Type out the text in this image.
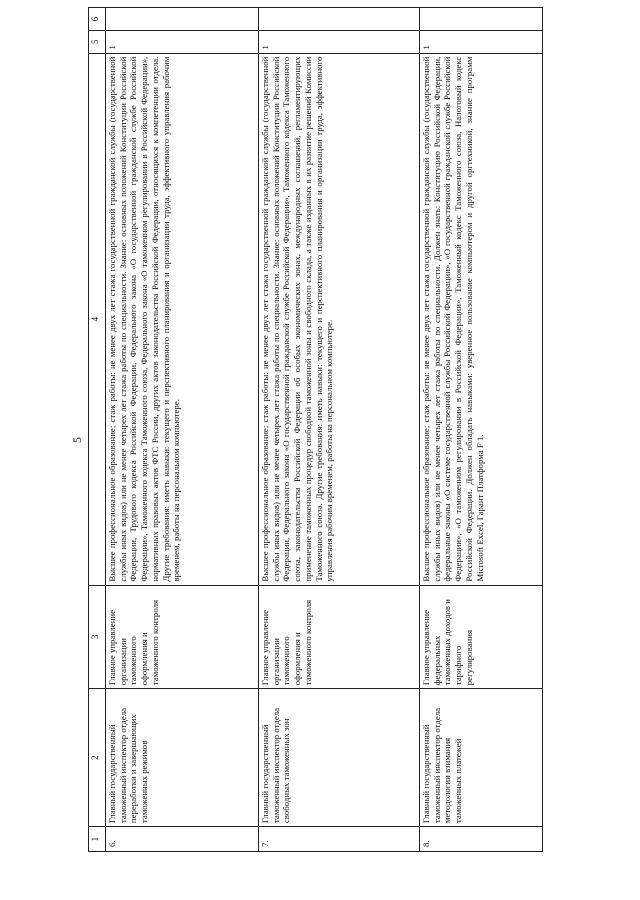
5
1	2	3	4	5	6
6.	Главный государственный таможенный инспектор отдела переработки и завершающих таможенных режимов	Главное управление организации таможенного оформления и таможенного контроля	Высшее профессиональное образование; стаж работы: не менее двух лет стажа государственной гражданской службы (государственной службы иных видов) или не менее четырех лет стажа работы по специальности. Знание: основных положений Конституции Российской Федерации, Трудового кодекса Российской Федерации, Федерального закона «О государственной гражданской службе Российской Федерации», Таможенного кодекса Таможенного союза, Федерального закона «О таможенном регулировании в Российской Федерации», нормативных правовых актов ФТС России, других актов законодательства Российской Федерации, относящихся к компетенции отдела. Другие требования: иметь навыки: текущего и перспективного планирования и организации труда, эффективного управления рабочим временем, работы на персональном компьютере.	1	
7.	Главный государственный таможенный инспектор отдела свободных таможенных зон	Главное управление организации таможенного оформления и таможенного контроля	Высшее профессиональное образование; стаж работы: не менее двух лет стажа государственной гражданской службы (государственной службы иных видов) или не менее четырех лет стажа работы по специальности. Знание: основных положений Конституции Российской Федерации, Федерального закона «О государственной гражданской службе Российской Федерации», Таможенного кодекса Таможенного союза, законодательства Российской Федерации об особых экономических зонах, международных соглашений, регламентирующих применение таможенных процедур свободной таможенной зоны и свободного склада, а также изданных в их развитие решений Комиссии Таможенного союза. Другие требования: иметь навыки: текущего и перспективного планирования и организации труда, эффективного управления рабочим временем, работы на персональном компьютере.	1	
8.	Главный государственный таможенный инспектор отдела методологии взимания таможенных платежей	Главное управление федеральных таможенных доходов и тарифного регулирования	Высшее профессиональное образование; стаж работы: не менее двух лет стажа государственной гражданской службы (государственной службы иных видов) или не менее четырех лет стажа работы по специальности. Должен знать: Конституцию Российской Федерации, федеральные законы «О системе государственной службы Российской Федерации», «О государственной гражданской службе Российской Федерации», «О таможенном регулировании в Российской Федерации», Таможенный кодекс Таможенного союза, Налоговый кодекс Российской Федерации. Должен обладать навыками: уверенное пользование компьютером и другой оргтехникой, знание программ Microsoft Excel, Гарант Платформа F 1.	1	
